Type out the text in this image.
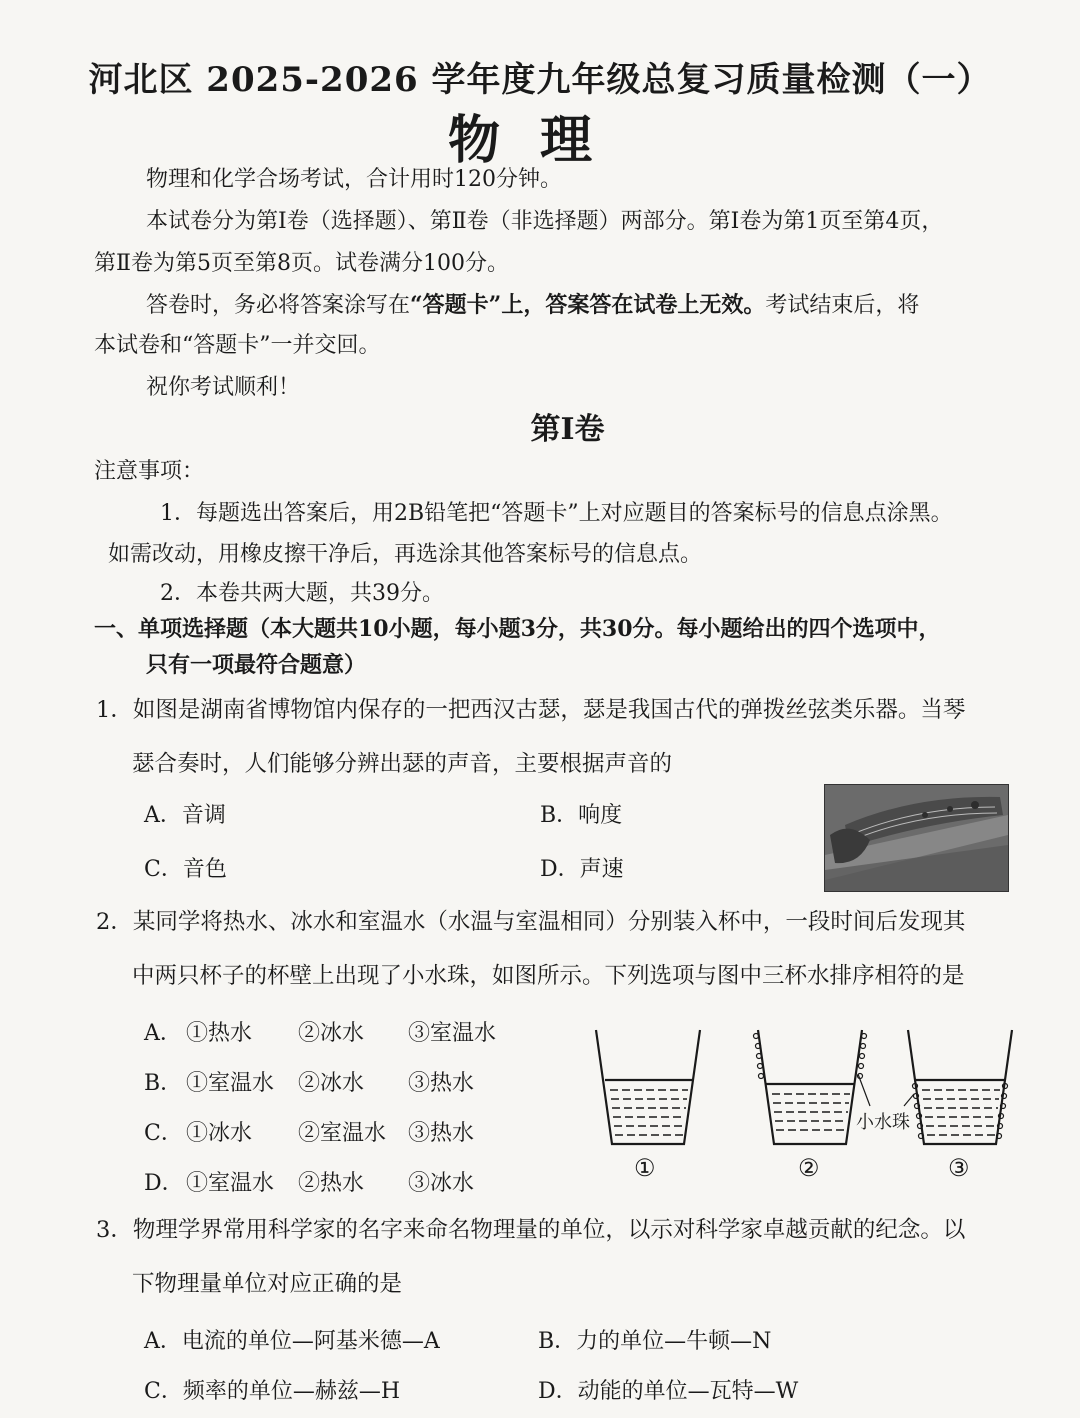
河北区 2025-2026 学年度九年级总复习质量检测（一）
物理
物理和化学合场考试，合计用时120分钟。
本试卷分为第Ⅰ卷（选择题）、第Ⅱ卷（非选择题）两部分。第Ⅰ卷为第1页至第4页，
第Ⅱ卷为第5页至第8页。试卷满分100分。
答卷时，务必将答案涂写在“答题卡”上，答案答在试卷上无效。考试结束后，将
本试卷和“答题卡”一并交回。
祝你考试顺利！
第Ⅰ卷
注意事项：
1．每题选出答案后，用2B铅笔把“答题卡”上对应题目的答案标号的信息点涂黑。
如需改动，用橡皮擦干净后，再选涂其他答案标号的信息点。
2．本卷共两大题，共39分。
一、单项选择题（本大题共10小题，每小题3分，共30分。每小题给出的四个选项中，
只有一项最符合题意）
1．如图是湖南省博物馆内保存的一把西汉古瑟，瑟是我国古代的弹拨丝弦类乐器。当琴
瑟合奏时，人们能够分辨出瑟的声音，主要根据声音的
A．音调	B．响度
C．音色	D．声速
2．某同学将热水、冰水和室温水（水温与室温相同）分别装入杯中，一段时间后发现其
中两只杯子的杯壁上出现了小水珠，如图所示。下列选项与图中三杯水排序相符的是
A． ①热水 ②冰水 ③室温水
B． ①室温水 ②冰水 ③热水
C． ①冰水 ②室温水 ③热水
D． ①室温水 ②热水 ③冰水
小水珠
①	②	③
3．物理学界常用科学家的名字来命名物理量的单位，以示对科学家卓越贡献的纪念。以
下物理量单位对应正确的是
A．电流的单位—阿基米德—A	B．力的单位—牛顿—N
C．频率的单位—赫兹—H	D．动能的单位—瓦特—W
